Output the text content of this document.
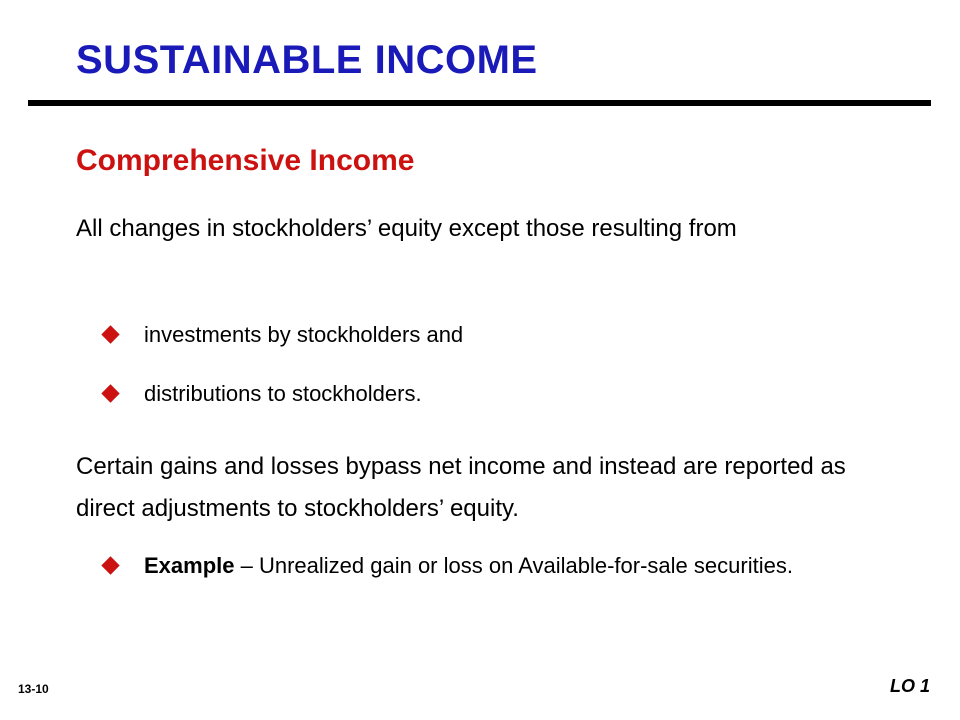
SUSTAINABLE INCOME
Comprehensive Income
All changes in stockholders’ equity except those resulting from
investments by stockholders and
distributions to stockholders.
Certain gains and losses bypass net income and instead are reported as direct adjustments to stockholders’ equity.
Example – Unrealized gain or loss on Available-for-sale securities.
13-10	LO 1
